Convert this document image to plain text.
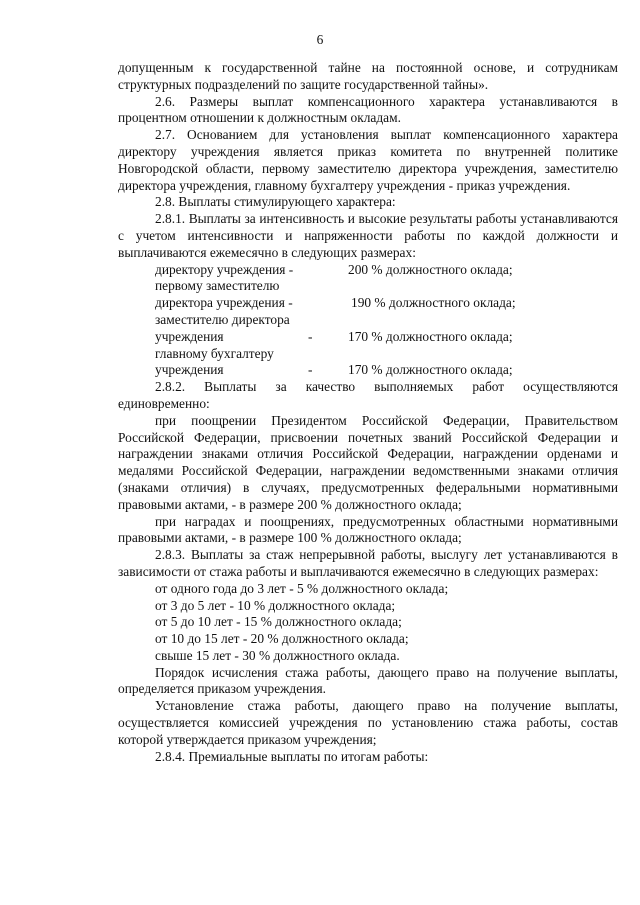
6

допущенным к государственной тайне на постоянной основе, и сотрудникам структурных подразделений по защите государственной тайны».

2.6. Размеры выплат компенсационного характера устанавливаются в процентном отношении к должностным окладам.

2.7. Основанием для установления выплат компенсационного характера директору учреждения является приказ комитета по внутренней политике Новгородской области, первому заместителю директора учреждения, заместителю директора учреждения, главному бухгалтеру учреждения - приказ учреждения.

2.8. Выплаты стимулирующего характера:

2.8.1. Выплаты за интенсивность и высокие результаты работы устанавливаются с учетом интенсивности и напряженности работы по каждой должности и выплачиваются ежемесячно в следующих размерах:

директору учреждения -	200 % должностного оклада;
первому заместителю
директора учреждения -	190 % должностного оклада;
заместителю директора
учреждения	-	170 % должностного оклада;
главному бухгалтеру
учреждения	-	170 % должностного оклада;

2.8.2. Выплаты за качество выполняемых работ осуществляются единовременно:

при поощрении Президентом Российской Федерации, Правительством Российской Федерации, присвоении почетных званий Российской Федерации и награждении знаками отличия Российской Федерации, награждении орденами и медалями Российской Федерации, награждении ведомственными знаками отличия (знаками отличия) в случаях, предусмотренных федеральными нормативными правовыми актами, - в размере 200 % должностного оклада;

при наградах и поощрениях, предусмотренных областными нормативными правовыми актами, - в размере 100 % должностного оклада;

2.8.3. Выплаты за стаж непрерывной работы, выслугу лет устанавливаются в зависимости от стажа работы и выплачиваются ежемесячно в следующих размерах:

от одного года до 3 лет - 5 % должностного оклада;

от 3 до 5 лет - 10 % должностного оклада;

от 5 до 10 лет - 15 % должностного оклада;

от 10 до 15 лет - 20 % должностного оклада;

свыше 15 лет - 30 % должностного оклада.

Порядок исчисления стажа работы, дающего право на получение выплаты, определяется приказом учреждения.

Установление стажа работы, дающего право на получение выплаты, осуществляется комиссией учреждения по установлению стажа работы, состав которой утверждается приказом учреждения;

2.8.4. Премиальные выплаты по итогам работы:
